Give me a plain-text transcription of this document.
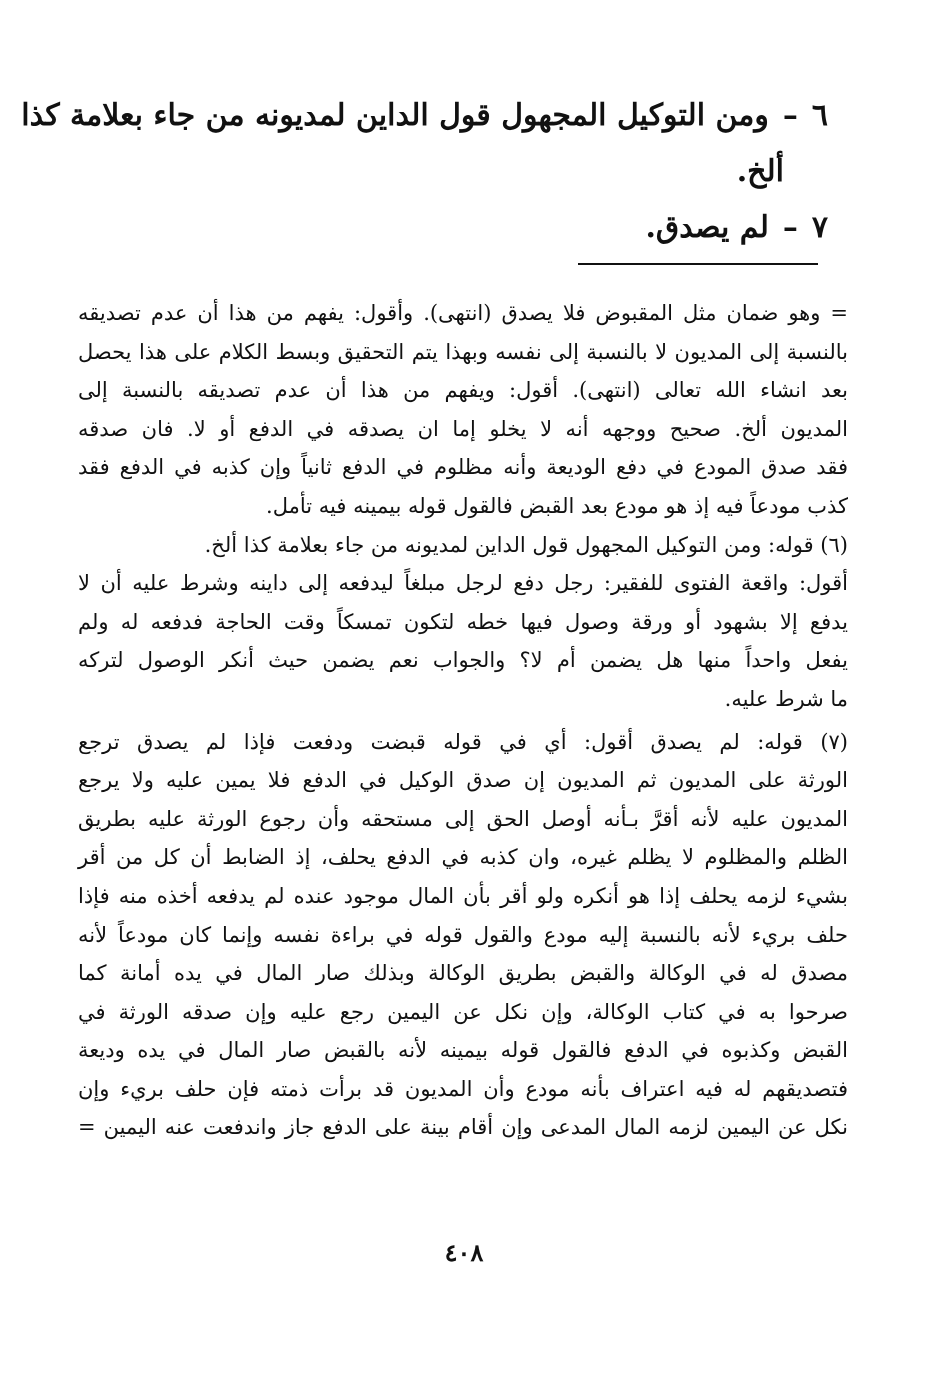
٦–ومن التوكيل المجهول قول الداين لمديونه من جاء بعلامة كذا
ألخ.
٧–لم يصدق.
= وهو ضمان مثل المقبوض فلا يصدق (انتهى). وأقول: يفهم من هذا أن عدم تصديقه
بالنسبة إلى المديون لا بالنسبة إلى نفسه وبهذا يتم التحقيق وبسط الكلام على هذا يحصل
بعد انشاء الله تعالى (انتهى). أقول: ويفهم من هذا أن عدم تصديقه بالنسبة إلى
المديون ألخ. صحيح ووجهه أنه لا يخلو إما ان يصدقه في الدفع أو لا. فان صدقه
فقد صدق المودع في دفع الوديعة وأنه مظلوم في الدفع ثانياً وإن كذبه في الدفع فقد
كذب مودعاً فيه إذ هو مودع بعد القبض فالقول قوله بيمينه فيه تأمل.
(٦) قوله: ومن التوكيل المجهول قول الداين لمديونه من جاء بعلامة كذا ألخ.
أقول: واقعة الفتوى للفقير: رجل دفع لرجل مبلغاً ليدفعه إلى داينه وشرط عليه أن لا
يدفع إلا بشهود أو ورقة وصول فيها خطه لتكون تمسكاً وقت الحاجة فدفعه له ولم
يفعل واحداً منها هل يضمن أم لا؟ والجواب نعم يضمن حيث أنكر الوصول لتركه
ما شرط عليه.
(٧) قوله: لم يصدق أقول: أي في قوله قبضت ودفعت فإذا لم يصدق ترجع
الورثة على المديون ثم المديون إن صدق الوكيل في الدفع فلا يمين عليه ولا يرجع
المديون عليه لأنه أقرَّ بـأنه أوصل الحق إلى مستحقه وأن رجوع الورثة عليه بطريق
الظلم والمظلوم لا يظلم غيره، وان كذبه في الدفع يحلف، إذ الضابط أن كل من أقر
بشيء لزمه يحلف إذا هو أنكره ولو أقر بأن المال موجود عنده لم يدفعه أخذه منه فإذا
حلف بريء لأنه بالنسبة إليه مودع والقول قوله في براءة نفسه وإنما كان مودعاً لأنه
مصدق له في الوكالة والقبض بطريق الوكالة وبذلك صار المال في يده أمانة كما
صرحوا به في كتاب الوكالة، وإن نكل عن اليمين رجع عليه وإن صدقه الورثة في
القبض وكذبوه في الدفع فالقول قوله بيمينه لأنه بالقبض صار المال في يده وديعة
فتصديقهم له فيه اعتراف بأنه مودع وأن المديون قد برأت ذمته فإن حلف بريء وإن
نكل عن اليمين لزمه المال المدعى وإن أقام بينة على الدفع جاز واندفعت عنه اليمين =
٤٠٨
